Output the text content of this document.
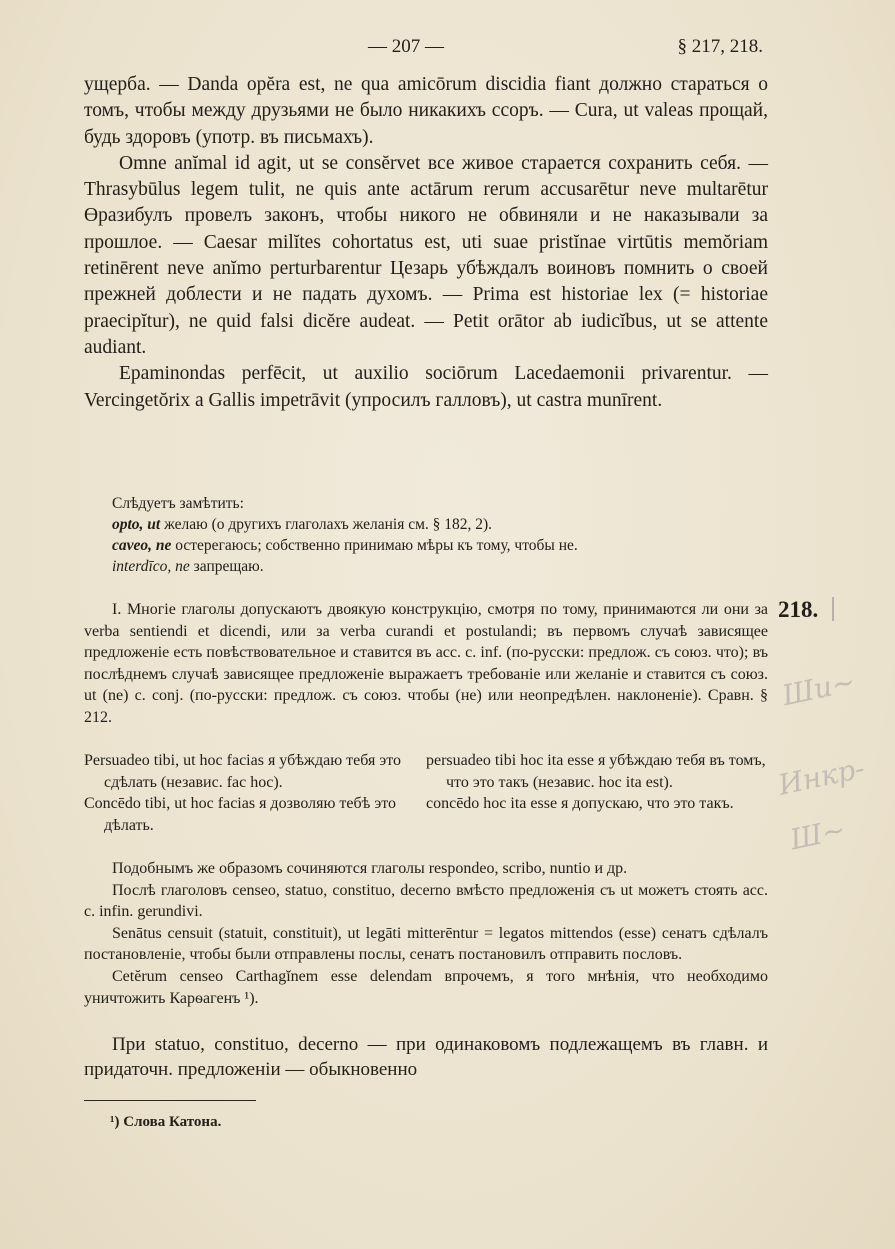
— 207 —	§ 217, 218.

ущерба. — Danda opĕra est, ne qua amicōrum discidia fiant должно стараться о томъ, чтобы между друзьями не было никакихъ ссоръ. — Cura, ut valeas прощай, будь здоровъ (употр. въ письмахъ).

Omne anĭmal id agit, ut se consĕrvet все живое старается сохранить себя. — Thrasybūlus legem tulit, ne quis ante actārum rerum accusarētur neve multarētur Өразибулъ провелъ законъ, чтобы никого не обвиняли и не наказывали за прошлое. — Caesar milĭtes cohortatus est, uti suae pristĭnae virtūtis memŏriam retinērent neve anĭmo perturbarentur Цезарь убѣждалъ воиновъ помнить о своей прежней доблести и не падать духомъ. — Prima est historiae lex (= historiae praecipĭtur), ne quid falsi dicĕre audeat. — Petit orātor ab iudicĭbus, ut se attente audiant.

Epaminondas perfēcit, ut auxilio sociōrum Lacedaemonii privarentur. — Vercingetŏrix a Gallis impetrāvit (упросилъ галловъ), ut castra munīrent.

Слѣдуетъ замѣтить:

opto, ut желаю (о другихъ глаголахъ желанія см. § 182, 2).

caveo, ne остерегаюсь; собственно принимаю мѣры къ тому, чтобы не.

interdīco, ne запрещаю.

218.

I. Многie глаголы допускаютъ двоякую конструкцію, смотря по тому, принимаются ли они за verba sentiendi et dicendi, или за verba curandi et postulandi; въ первомъ случаѣ зависящее предложенie есть повѣствовательное и ставится въ acc. c. inf. (по-русски: предлож. съ союз. что); въ послѣднемъ случаѣ зависящее предложенie выражаетъ требованie или желанie и ставится съ союз. ut (ne) c. conj. (по-русски: предлож. съ союз. чтобы (не) или неопредѣлен. наклоненie). Сравн. § 212.

Persuadeo tibi, ut hoc facias я убѣждаю тебя это сдѣлать (независ. fac hoc).

persuadeo tibi hoc ita esse я убѣждаю тебя въ томъ, что это такъ (независ. hoc ita est).

Concēdo tibi, ut hoc facias я дозволяю тебѣ это дѣлать.

concēdo hoc ita esse я допускаю, что это такъ.

Подобнымъ же образомъ сочиняются глаголы respondeo, scribo, nuntio и др.

Послѣ глаголовъ censeo, statuo, constituo, decerno вмѣсто предложенiя съ ut можетъ стоять acc. c. infin. gerundivi.

Senātus censuit (statuit, constituit), ut legāti mitterēntur = legatos mittendos (esse) сенатъ сдѣлалъ постановленie, чтобы были отправлены послы, сенатъ постановилъ отправить пословъ.

Cetĕrum censeo Carthagĭnem esse delendam впрочемъ, я того мнѣнiя, что необходимо уничтожить Карѳагенъ ¹).

При statuo, constituo, decerno — при одинаковомъ подлежащемъ въ главн. и придаточн. предложенiи — обыкновенно

¹) Слова Катона.
Ши~
Инкр-
Ш~
